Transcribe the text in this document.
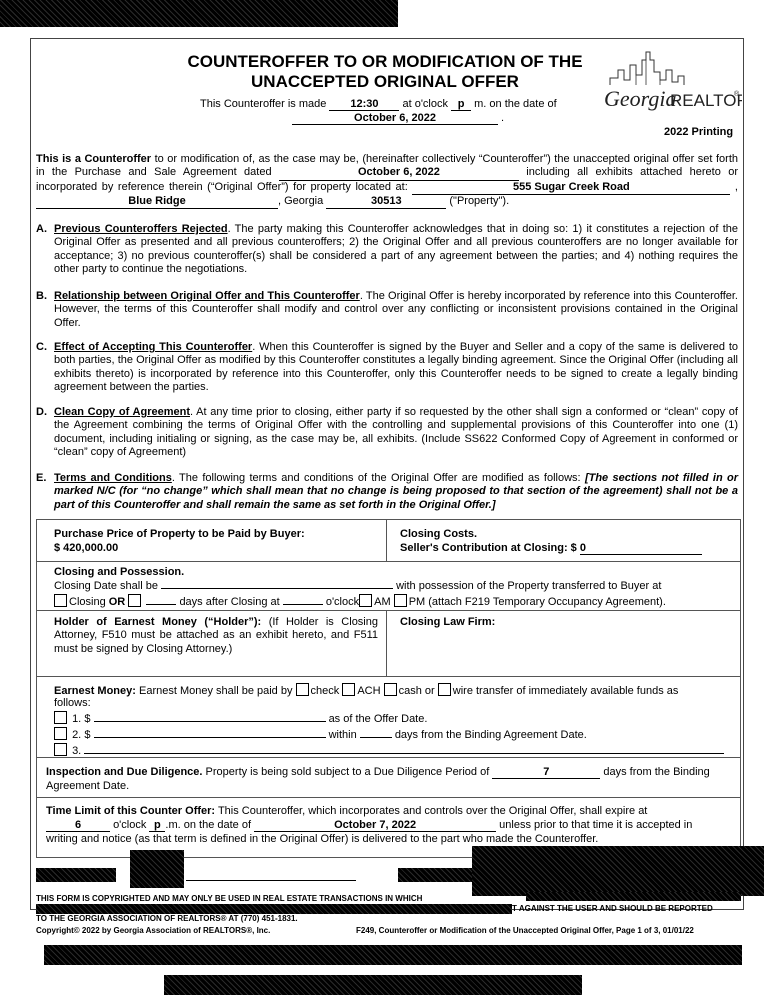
Georgia
REALTO
®
COUNTEROFFER TO OR MODIFICATION OF THE
UNACCEPTED ORIGINAL OFFER
This Counteroffer is made 12:30 at o'clock p m. on the date of
October 6, 2022	.
2022 Printing
This is a Counteroffer to or modification of, as the case may be, (hereinafter collectively “Counteroffer”) the unaccepted original offer set forth in the Purchase and Sale Agreement dated	October 6, 2022	including all exhibits attached hereto or incorporated by reference therein (“Original Offer”) for property located at:	555 Sugar Creek Road	, Blue Ridge	, Georgia	30513	("Property").
A. Previous Counteroffers Rejected. The party making this Counteroffer acknowledges that in doing so: 1) it constitutes a rejection of the Original Offer as presented and all previous counteroffers; 2) the Original Offer and all previous counteroffers are no longer available for acceptance; 3) no previous counteroffer(s) shall be considered a part of any agreement between the parties; and 4) nothing requires the other party to continue the negotiations.
B. Relationship between Original Offer and This Counteroffer. The Original Offer is hereby incorporated by reference into this Counteroffer. However, the terms of this Counteroffer shall modify and control over any conflicting or inconsistent provisions contained in the Original Offer.
C. Effect of Accepting This Counteroffer. When this Counteroffer is signed by the Buyer and Seller and a copy of the same is delivered to both parties, the Original Offer as modified by this Counteroffer constitutes a legally binding agreement. Since the Original Offer (including all exhibits thereto) is incorporated by reference into this Counteroffer, only this Counteroffer needs to be signed to create a legally binding agreement between the parties.
D. Clean Copy of Agreement. At any time prior to closing, either party if so requested by the other shall sign a conformed or “clean” copy of the Agreement combining the terms of Original Offer with the controlling and supplemental provisions of this Counteroffer into one (1) document, including initialing or signing, as the case may be, all exhibits. (Include SS622 Conformed Copy of Agreement in conformed or “clean” copy of Agreement)
E. Terms and Conditions. The following terms and conditions of the Original Offer are modified as follows: [The sections not filled in or marked N/C (for “no change” which shall mean that no change is being proposed to that section of the agreement) shall not be a part of this Counteroffer and shall remain the same as set forth in the Original Offer.]
Purchase Price of Property to be Paid by Buyer:
$ 420,000.00
Closing Costs.
Seller's Contribution at Closing: $ 0
Closing and Possession.
Closing Date shall be	with possession of the Property transferred to Buyer at
Closing OR	days after Closing at	o'clock AM PM (attach F219 Temporary Occupancy Agreement).
Holder of Earnest Money (“Holder”): (If Holder is Closing Attorney, F510 must be attached as an exhibit hereto, and F511 must be signed by Closing Attorney.)
Closing Law Firm:
Earnest Money: Earnest Money shall be paid by check ACH cash or wire transfer of immediately available funds as
follows:
1. $	as of the Offer Date.
2. $	within	days from the Binding Agreement Date.
3.
Inspection and Due Diligence. Property is being sold subject to a Due Diligence Period of	7	days from the Binding
Agreement Date.
Time Limit of this Counter Offer: This Counteroffer, which incorporates and controls over the Original Offer, shall expire at
6	o'clock p .m. on the date of	October 7, 2022	unless prior to that time it is accepted in
writing and notice (as that term is defined in the Original Offer) is delivered to the part who made the Counteroffer.
THIS FORM IS COPYRIGHTED AND MAY ONLY BE USED IN REAL ESTATE TRANSACTIONS IN WHICH
T AGAINST THE USER AND SHOULD BE REPORTED
TO THE GEORGIA ASSOCIATION OF REALTORS® AT (770) 451-1831.
Copyright© 2022 by Georgia Association of REALTORS®, Inc.	F249, Counteroffer or Modification of the Unaccepted Original Offer, Page 1 of 3, 01/01/22
